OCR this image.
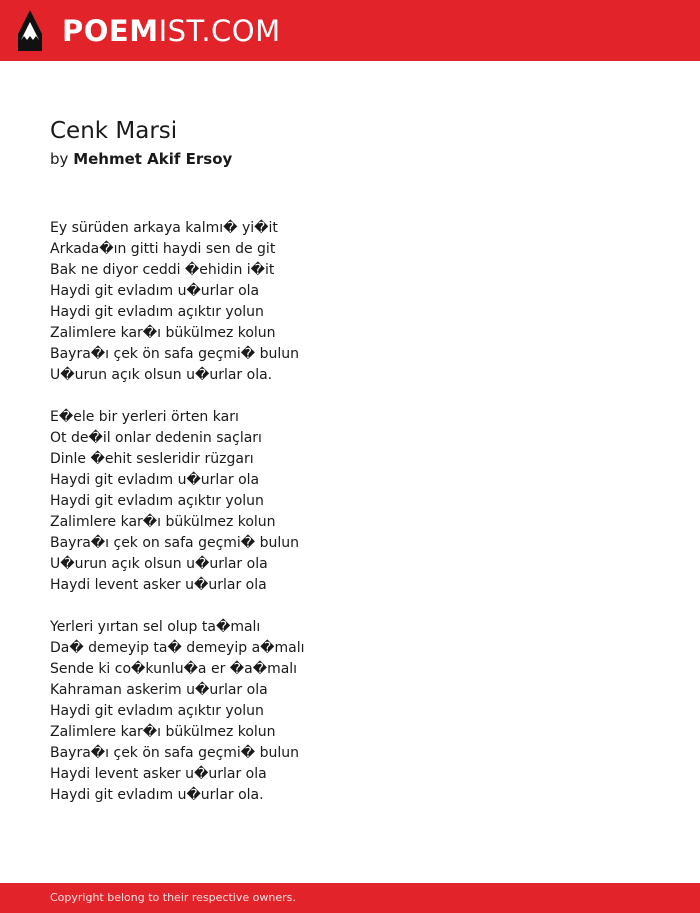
POEMIST.COM
Cenk Marsi
by Mehmet Akif Ersoy
Ey sürüden arkaya kalmı� yi�it
Arkada�ın gitti haydi sen de git
Bak ne diyor ceddi �ehidin i�it
Haydi git evladım u�urlar ola
Haydi git evladım açıktır yolun
Zalimlere kar�ı bükülmez kolun
Bayra�ı çek ön safa geçmi� bulun
U�urun açık olsun u�urlar ola.
E�ele bir yerleri örten karı
Ot de�il onlar dedenin saçları
Dinle �ehit sesleridir rüzgarı
Haydi git evladım u�urlar ola
Haydi git evladım açıktır yolun
Zalimlere kar�ı bükülmez kolun
Bayra�ı çek on safa geçmi� bulun
U�urun açık olsun u�urlar ola
Haydi levent asker u�urlar ola
Yerleri yırtan sel olup ta�malı
Da� demeyip ta� demeyip a�malı
Sende ki co�kunlu�a er �a�malı
Kahraman askerim u�urlar ola
Haydi git evladım açıktır yolun
Zalimlere kar�ı bükülmez kolun
Bayra�ı çek ön safa geçmi� bulun
Haydi levent asker u�urlar ola
Haydi git evladım u�urlar ola.
Copyright belong to their respective owners.
